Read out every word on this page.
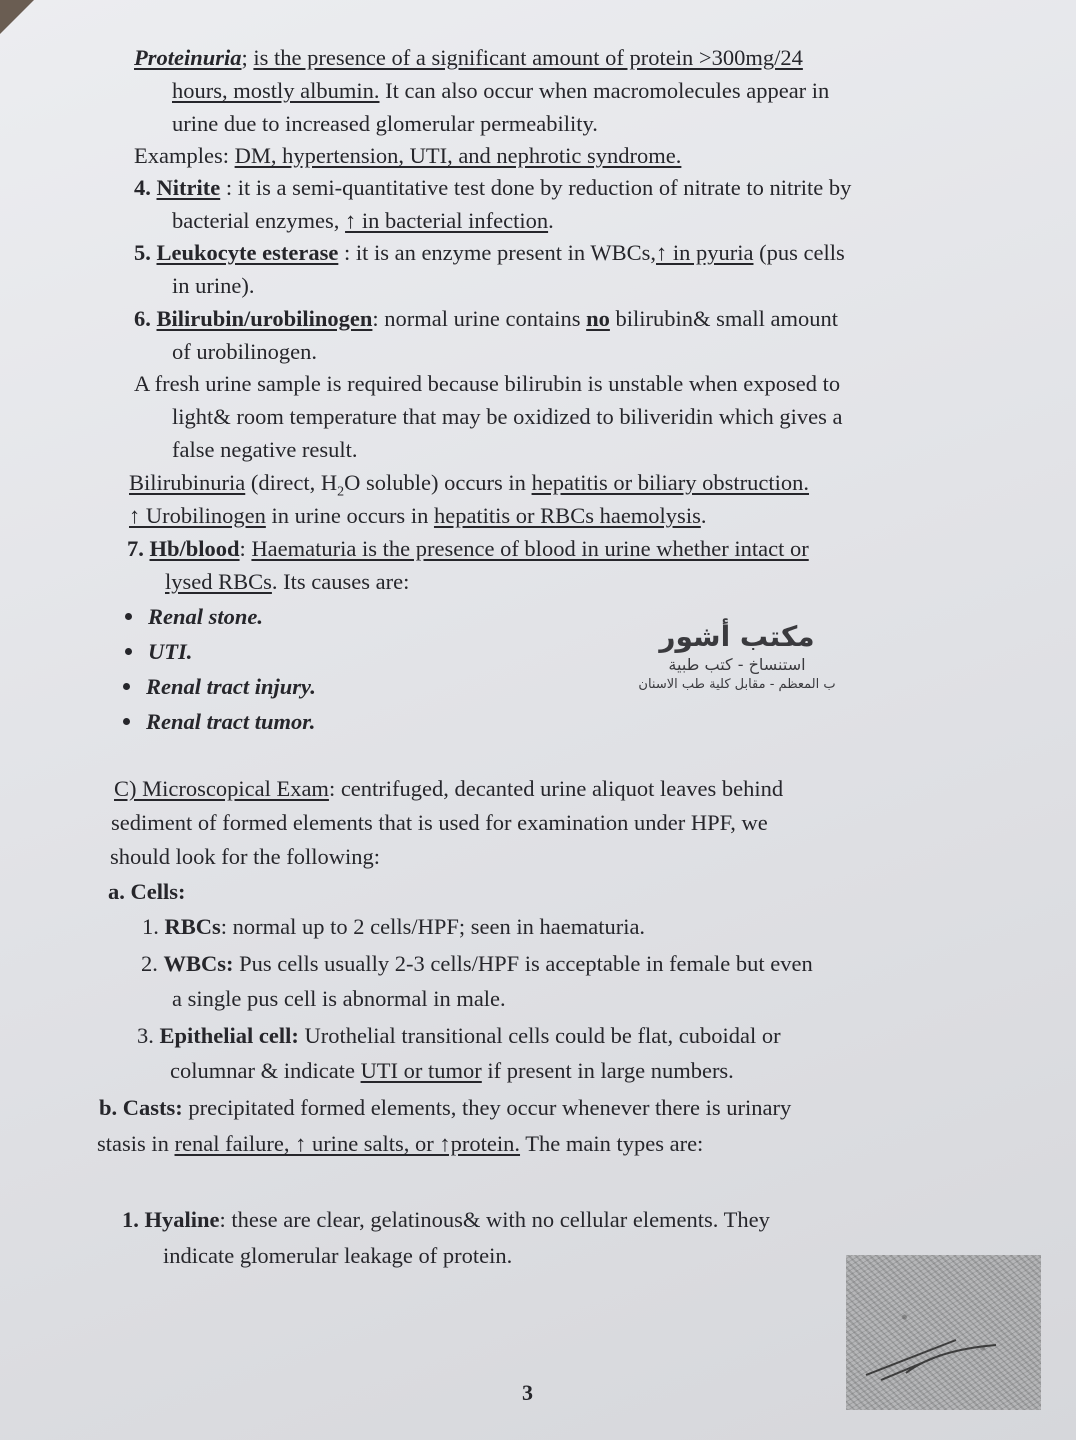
Proteinuria; is the presence of a significant amount of protein >300mg/24
hours, mostly albumin. It can also occur when macromolecules appear in
urine due to increased glomerular permeability.
Examples: DM, hypertension, UTI, and nephrotic syndrome.
4. Nitrite : it is a semi-quantitative test done by reduction of nitrate to nitrite by
bacterial enzymes, ↑ in bacterial infection.
5. Leukocyte esterase : it is an enzyme present in WBCs,↑ in pyuria (pus cells
in urine).
6. Bilirubin/urobilinogen: normal urine contains no bilirubin& small amount
of urobilinogen.
A fresh urine sample is required because bilirubin is unstable when exposed to
light& room temperature that may be oxidized to biliveridin which gives a
false negative result.
Bilirubinuria (direct, $H_2O$ soluble) occurs in hepatitis or biliary obstruction.
↑ Urobilinogen in urine occurs in hepatitis or RBCs haemolysis.
7. Hb/blood: Haematuria is the presence of blood in urine whether intact or
lysed RBCs. Its causes are:
Renal stone.
UTI.
Renal tract injury.
Renal tract tumor.
مكتب أشور
استنساخ - كتب طبية
ب المعظم - مقابل كلية طب الاسنان
C) Microscopical Exam: centrifuged, decanted urine aliquot leaves behind
sediment of formed elements that is used for examination under HPF, we
should look for the following:
a. Cells:
1. RBCs: normal up to 2 cells/HPF; seen in haematuria.
2. WBCs: Pus cells usually 2-3 cells/HPF is acceptable in female but even
a single pus cell is abnormal in male.
3. Epithelial cell: Urothelial transitional cells could be flat, cuboidal or
columnar & indicate UTI or tumor if present in large numbers.
b. Casts: precipitated formed elements, they occur whenever there is urinary
stasis in renal failure, ↑ urine salts, or ↑protein. The main types are:
1. Hyaline: these are clear, gelatinous& with no cellular elements. They
indicate glomerular leakage of protein.
3
